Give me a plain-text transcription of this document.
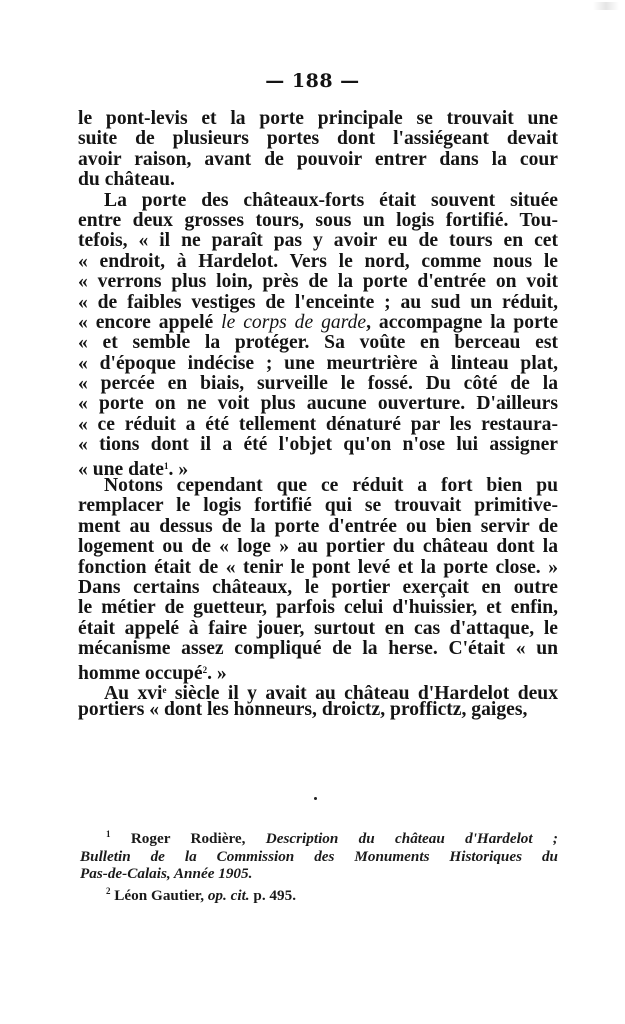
— 188 —
le pont-levis et la porte principale se trouvait une
suite de plusieurs portes dont l'assiégeant devait
avoir raison, avant de pouvoir entrer dans la cour
du château.
La porte des châteaux-forts était souvent située
entre deux grosses tours, sous un logis fortifié. Tou-
tefois, « il ne paraît pas y avoir eu de tours en cet
« endroit, à Hardelot. Vers le nord, comme nous le
« verrons plus loin, près de la porte d'entrée on voit
« de faibles vestiges de l'enceinte ; au sud un réduit,
« encore appelé le corps de garde, accompagne la porte
« et semble la protéger. Sa voûte en berceau est
« d'époque indécise ; une meurtrière à linteau plat,
« percée en biais, surveille le fossé. Du côté de la
« porte on ne voit plus aucune ouverture. D'ailleurs
« ce réduit a été tellement dénaturé par les restaura-
« tions dont il a été l'objet qu'on n'ose lui assigner
« une date$^1$. »
Notons cependant que ce réduit a fort bien pu
remplacer le logis fortifié qui se trouvait primitive-
ment au dessus de la porte d'entrée ou bien servir de
logement ou de « loge » au portier du château dont la
fonction était de « tenir le pont levé et la porte close. »
Dans certains châteaux, le portier exerçait en outre
le métier de guetteur, parfois celui d'huissier, et enfin,
était appelé à faire jouer, surtout en cas d'attaque, le
mécanisme assez compliqué de la herse. C'était « un
homme occupé$^2$. »
Au xvi$^e$ siècle il y avait au château d'Hardelot deux
portiers « dont les honneurs, droictz, proffictz, gaiges,
$^1$ Roger Rodière, Description du château d'Hardelot ;
Bulletin de la Commission des Monuments Historiques du
Pas-de-Calais, Année 1905.
$^2$ Léon Gautier, op. cit. p. 495.
